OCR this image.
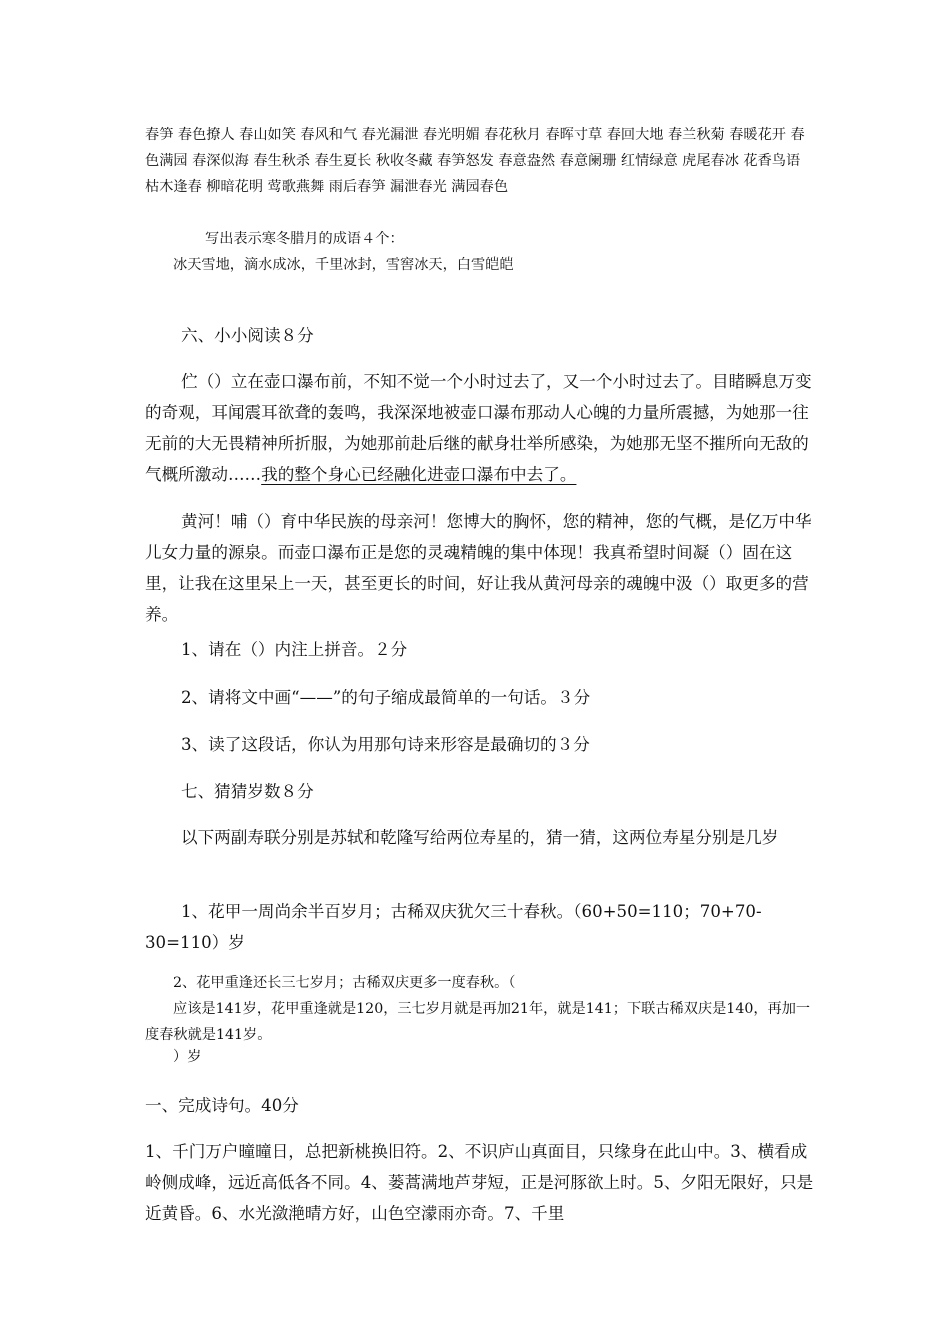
春笋 春色撩人 春山如笑 春风和气 春光漏泄 春光明媚 春花秋月 春晖寸草 春回大地 春兰秋菊 春暖花开 春色满园 春深似海 春生秋杀 春生夏长 秋收冬藏 春笋怒发 春意盎然 春意阑珊 红情绿意 虎尾春冰 花香鸟语 枯木逢春 柳暗花明 莺歌燕舞 雨后春笋 漏泄春光 满园春色

写出表示寒冬腊月的成语４个：

冰天雪地，滴水成冰，千里冰封，雪窖冰天，白雪皑皑

六、小小阅读８分

伫（）立在壶口瀑布前，不知不觉一个小时过去了，又一个小时过去了。目睹瞬息万变的奇观，耳闻震耳欲聋的轰鸣，我深深地被壶口瀑布那动人心魄的力量所震撼，为她那一往无前的大无畏精神所折服，为她那前赴后继的献身壮举所感染，为她那无坚不摧所向无敌的气概所激动……我的整个身心已经融化进壶口瀑布中去了。

黄河！哺（）育中华民族的母亲河！您博大的胸怀，您的精神，您的气概，是亿万中华儿女力量的源泉。而壶口瀑布正是您的灵魂精魄的集中体现！我真希望时间凝（）固在这里，让我在这里呆上一天，甚至更长的时间，好让我从黄河母亲的魂魄中汲（）取更多的营养。

1、请在（）内注上拼音。２分

2、请将文中画“——”的句子缩成最简单的一句话。３分

3、读了这段话，你认为用那句诗来形容是最确切的３分

七、猜猜岁数８分

以下两副寿联分别是苏轼和乾隆写给两位寿星的，猜一猜，这两位寿星分别是几岁

1、花甲一周尚余半百岁月；古稀双庆犹欠三十春秋。（60+50=110；70+70-30=110）岁

2、花甲重逢还长三七岁月；古稀双庆更多一度春秋。（

应该是141岁，花甲重逢就是120，三七岁月就是再加21年，就是141；下联古稀双庆是140，再加一度春秋就是141岁。

）岁

一、完成诗句。40分

1、千门万户曈曈日，总把新桃换旧符。2、不识庐山真面目，只缘身在此山中。3、横看成岭侧成峰，远近高低各不同。4、蒌蒿满地芦芽短，正是河豚欲上时。5、夕阳无限好，只是近黄昏。6、水光潋滟晴方好，山色空濛雨亦奇。7、千里
